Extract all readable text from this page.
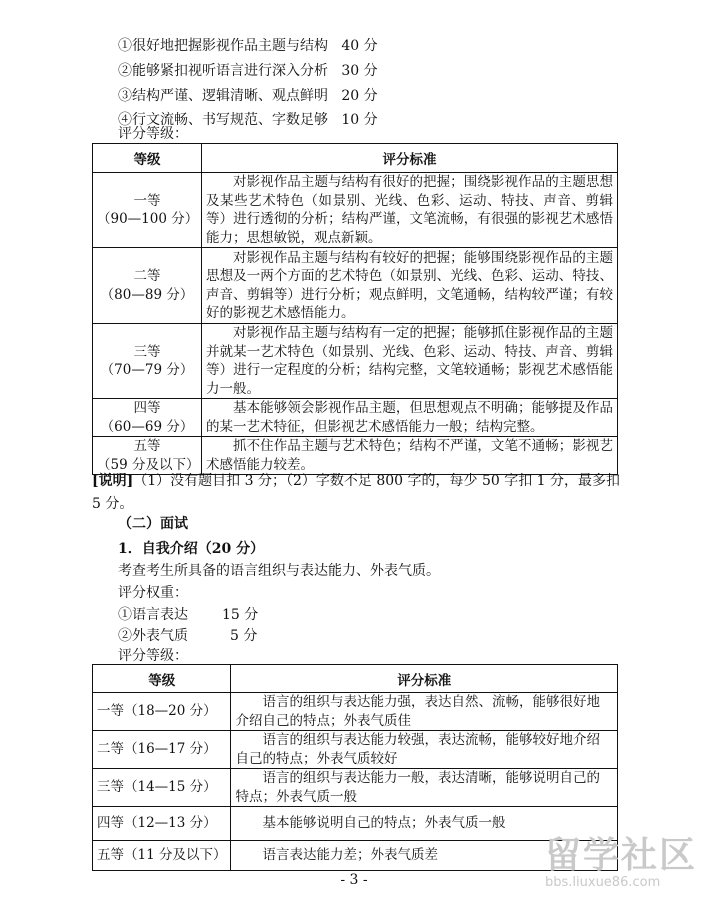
①很好地把握影视作品主题与结构 40 分
②能够紧扣视听语言进行深入分析 30 分
③结构严谨、逻辑清晰、观点鲜明 20 分
④行文流畅、书写规范、字数足够 10 分
评分等级：
等级	评分标准

一等
（90—100 分）	对影视作品主题与结构有很好的把握；围绕影视作品的主题思想及某些艺术特色（如景别、光线、色彩、运动、特技、声音、剪辑等）进行透彻的分析；结构严谨，文笔流畅，有很强的影视艺术感悟能力；思想敏锐，观点新颖。

二等
（80—89 分）	对影视作品主题与结构有较好的把握；能够围绕影视作品的主题思想及一两个方面的艺术特色（如景别、光线、色彩、运动、特技、声音、剪辑等）进行分析；观点鲜明，文笔通畅，结构较严谨；有较好的影视艺术感悟能力。

三等
（70—79 分）	对影视作品主题与结构有一定的把握；能够抓住影视作品的主题并就某一艺术特色（如景别、光线、色彩、运动、特技、声音、剪辑等）进行一定程度的分析；结构完整，文笔较通畅；影视艺术感悟能力一般。

四等
（60—69 分）	基本能够领会影视作品主题，但思想观点不明确；能够提及作品的某一艺术特征，但影视艺术感悟能力一般；结构完整。

五等
（59 分及以下）	抓不住作品主题与艺术特色；结构不严谨，文笔不通畅；影视艺术感悟能力较差。
[说明]（1）没有题目扣 3 分；（2）字数不足 800 字的，每少 50 字扣 1 分，最多扣
5 分。
（二）面试
1．自我介绍（20 分）
考查考生所具备的语言组织与表达能力、外表气质。
评分权重：
①语言表达 15 分
②外表气质	5 分
评分等级：
等级	评分标准
一等（18—20 分）	语言的组织与表达能力强，表达自然、流畅，能够很好地介绍自己的特点；外表气质佳
二等（16—17 分）	语言的组织与表达能力较强，表达流畅，能够较好地介绍自己的特点；外表气质较好
三等（14—15 分）	语言的组织与表达能力一般，表达清晰，能够说明自己的特点；外表气质一般
四等（12—13 分）	基本能够说明自己的特点；外表气质一般
五等（11 分及以下）	语言表达能力差；外表气质差
- 3 -
留学社区
bbs.liuxue86.com
